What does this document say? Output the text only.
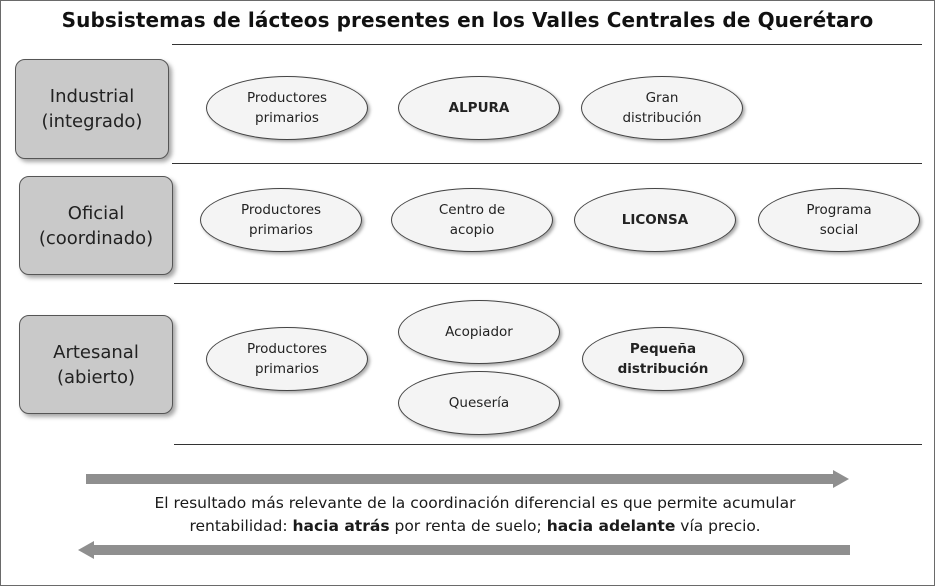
Subsistemas de lácteos presentes en los Valles Centrales de Querétaro
Industrial
(integrado)
Productores
primarios
ALPURA
Gran
distribución
Oficial
(coordinado)
Productores
primarios
Centro de
acopio
LICONSA
Programa
social
Artesanal
(abierto)
Productores
primarios
Acopiador
Quesería
Pequeña
distribución
El resultado más relevante de la coordinación diferencial es que permite acumular
rentabilidad: hacia atrás por renta de suelo; hacia adelante vía precio.
